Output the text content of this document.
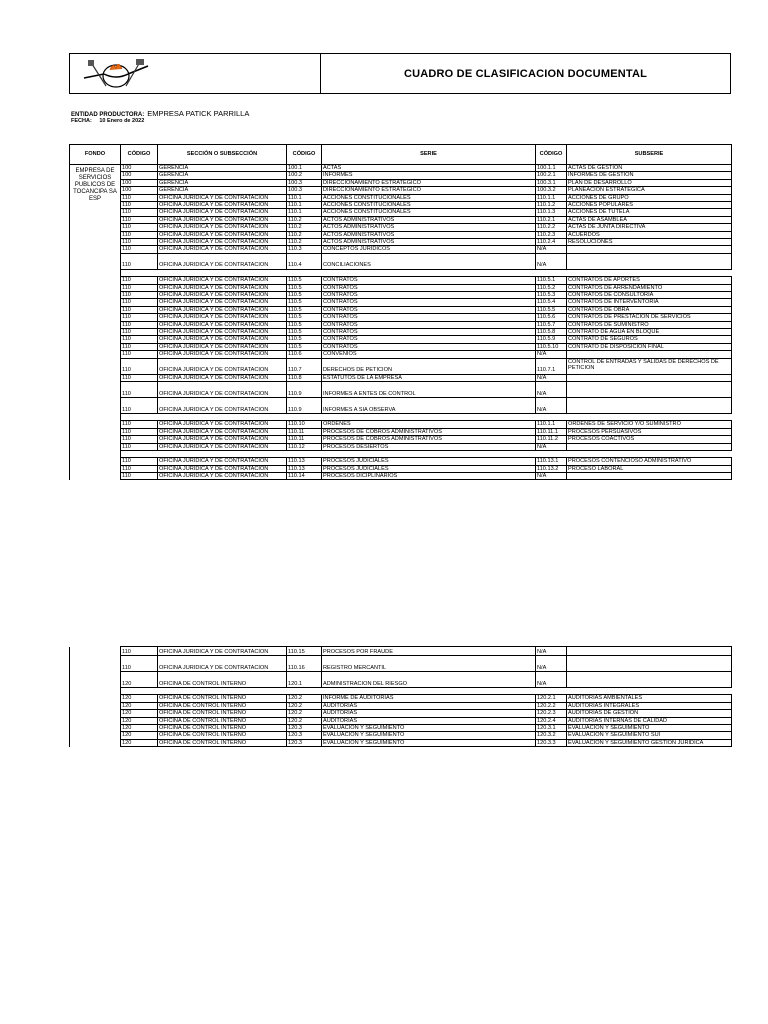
CUADRO DE CLASIFICACION DOCUMENTAL
ENTIDAD PRODUCTORA: EMPRESA PATICK PARRILLA
FECHA: 10 Enero de 2022
FONDO	CÓDIGO	SECCIÓN O SUBSECCIÓN	CÓDIGO	SERIE	CÓDIGO	SUBSERIE	
EMPRESA DE SERVICIOS PUBLICOS DE TOCANCIPA SA ESP	100	GERENCIA	100.1	ACTAS	100.1.1	ACTAS DE GESTION	
	100	GERENCIA	100.2	INFORMES	100.2.1	INFORMES DE GESTION	
	100	GERENCIA	100.3	DIRECCIONAMIENTO ESTRATEGICO	100.3.1	PLAN DE DESARROLLO	
	100	GERENCIA	100.3	DIRECCIONAMIENTO ESTRATEGICO	100.3.2	PLANEACION ESTRATEGICA	
	110	OFICINA JURIDICA Y DE CONTRATACION	110.1	ACCIONES CONSTITUCIONALES	110.1.1	ACCIONES DE GRUPO	
	110	OFICINA JURIDICA Y DE CONTRATACION	110.1	ACCIONES CONSTITUCIONALES	110.1.2	ACCIONES POPULARES	
	110	OFICINA JURIDICA Y DE CONTRATACION	110.1	ACCIONES CONSTITUCIONALES	110.1.3	ACCIONES DE TUTELA	
	110	OFICINA JURIDICA Y DE CONTRATACION	110.2	ACTOS ADMINISTRATIVOS	110.2.1	ACTAS DE ASAMBLEA	
	110	OFICINA JURIDICA Y DE CONTRATACION	110.2	ACTOS ADMINISTRATIVOS	110.2.2	ACTAS DE JUNTA DIRECTIVA	
	110	OFICINA JURIDICA Y DE CONTRATACION	110.2	ACTOS ADMINISTRATIVOS	110.2.3	ACUERDOS	
	110	OFICINA JURIDICA Y DE CONTRATACION	110.2	ACTOS ADMINISTRATIVOS	110.2.4	RESOLUCIONES	
	110	OFICINA JURIDICA Y DE CONTRATACION	110.3	CONCEPTOS JURIDICOS	N/A		
	110	OFICINA JURIDICA Y DE CONTRATACION	110.4	CONCILIACIONES	N/A		

	110	OFICINA JURIDICA Y DE CONTRATACION	110.5	CONTRATOS	110.5.1	CONTRATOS DE APORTES	
	110	OFICINA JURIDICA Y DE CONTRATACION	110.5	CONTRATOS	110.5.2	CONTRATOS DE ARRENDAMIENTO	
	110	OFICINA JURIDICA Y DE CONTRATACION	110.5	CONTRATOS	110.5.3	CONTRATOS DE CONSULTORIA	
	110	OFICINA JURIDICA Y DE CONTRATACION	110.5	CONTRATOS	110.5.4	CONTRATOS DE INTERVENTORIA	
	110	OFICINA JURIDICA Y DE CONTRATACION	110.5	CONTRATOS	110.5.5	CONTRATOS DE OBRA	
	110	OFICINA JURIDICA Y DE CONTRATACION	110.5	CONTRATOS	110.5.6	CONTRATOS DE PRESTACION DE SERVICIOS	
	110	OFICINA JURIDICA Y DE CONTRATACION	110.5	CONTRATOS	110.5.7	CONTRATOS DE SUMINISTRO	
	110	OFICINA JURIDICA Y DE CONTRATACION	110.5	CONTRATOS	110.5.8	CONTRATO DE AGUA EN BLOQUE	
	110	OFICINA JURIDICA Y DE CONTRATACION	110.5	CONTRATOS	110.5.9	CONTRATO DE SEGUROS	
	110	OFICINA JURIDICA Y DE CONTRATACION	110.5	CONTRATOS	110.5.10	CONTRATO DE DISPOSICION FINAL	
	110	OFICINA JURIDICA Y DE CONTRATACION	110.6	CONVENIOS	N/A		
	110	OFICINA JURIDICA Y DE CONTRATACION	110.7	DERECHOS DE PETICION	110.7.1	CONTROL DE ENTRADAS Y SALIDAS DE DERECHOS DE PETICION	
	110	OFICINA JURIDICA Y DE CONTRATACION	110.8	ESTATUTOS DE LA EMPRESA	N/A		
	110	OFICINA JURIDICA Y DE CONTRATACION	110.9	INFORMES A ENTES DE CONTROL	N/A		
	110	OFICINA JURIDICA Y DE CONTRATACION	110.9	INFORMES A SIA OBSERVA	N/A		

	110	OFICINA JURIDICA Y DE CONTRATACION	110.10	ORDENES	110.1.1	ORDENES DE SERVICIO Y/O SUMINISTRO	
	110	OFICINA JURIDICA Y DE CONTRATACION	110.11	PROCESOS DE COBROS ADMINISTRATIVOS	110.11.1	PROCESOS PERSUASIVOS	
	110	OFICINA JURIDICA Y DE CONTRATACION	110.11	PROCESOS DE COBROS ADMINISTRATIVOS	110.11.2	PROCESOS COACTIVOS	
	110	OFICINA JURIDICA Y DE CONTRATACION	110.12	PROCESOS DESIERTOS	N/A		

	110	OFICINA JURIDICA Y DE CONTRATACION	110.13	PROCESOS JUDICIALES	110.13.1	PROCESOS CONTENCIOSO ADMINISTRATIVO	
	110	OFICINA JURIDICA Y DE CONTRATACION	110.13	PROCESOS JUDICIALES	110.13.2	PROCESO LABORAL	
	110	OFICINA JURIDICA Y DE CONTRATACION	110.14	PROCESOS DICIPLINARIOS	N/A		
	110	OFICINA JURIDICA Y DE CONTRATACION	110.15	PROCESOS POR FRAUDE	N/A		
	110	OFICINA JURIDICA Y DE CONTRATACION	110.16	REGISTRO MERCANTIL	N/A		
	120	OFICINA DE CONTROL INTERNO	120.1	ADMINISTRACION DEL RIESGO	N/A		

	120	OFICINA DE CONTROL INTERNO	120.2	INFORME DE AUDITORIAS	120.2.1	AUDITORIAS AMBIENTALES	
	120	OFICINA DE CONTROL INTERNO	120.2	AUDITORIAS	120.2.2	AUDITORIAS INTEGRALES	
	120	OFICINA DE CONTROL INTERNO	120.2	AUDITORIAS	120.2.3	AUDITORIAS DE GESTION	
	120	OFICINA DE CONTROL INTERNO	120.2	AUDITORIAS	120.2.4	AUDITORIAS INTERNAS DE CALIDAD	
	120	OFICINA DE CONTROL INTERNO	120.3	EVALUACION Y SEGUIMIENTO	120.3.1	EVALUACION Y SEGUIMIENTO	
	120	OFICINA DE CONTROL INTERNO	120.3	EVALUACION Y SEGUIMIENTO	120.3.2	EVALUACION Y SEGUIMIENTO SUI	
	120	OFICINA DE CONTROL INTERNO	120.3	EVALUACION Y SEGUIMIENTO	120.3.3	EVALUACION Y SEGUIMIENTO GESTION JURIDICA	
